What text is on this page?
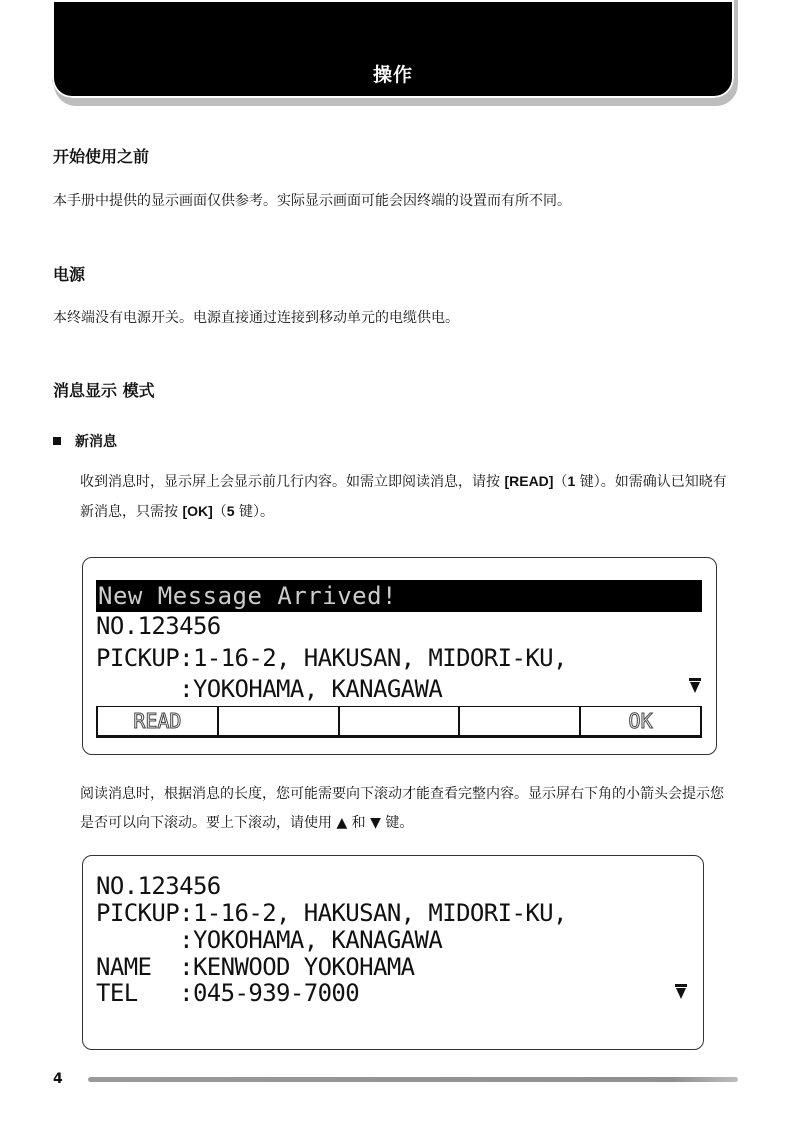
操作
开始使用之前

本手册中提供的显示画面仅供参考。实际显示画面可能会因终端的设置而有所不同。

电源

本终端没有电源开关。电源直接通过连接到移动单元的电缆供电。

消息显示 模式
新消息

收到消息时，显示屏上会显示前几行内容。如需立即阅读消息，请按 [READ]（1 键）。如需确认已知晓有新消息，只需按 [OK]（5 键）。

New Message Arrived!
NO.123456
PICKUP:1-16-2, HAKUSAN, MIDORI-KU,
:YOKOHAMA, KANAGAWA
READ	OK

阅读消息时，根据消息的长度，您可能需要向下滚动才能查看完整内容。显示屏右下角的小箭头会提示您是否可以向下滚动。要上下滚动，请使用 ▲ 和 ▼ 键。

NO.123456
PICKUP:1-16-2, HAKUSAN, MIDORI-KU,
:YOKOHAMA, KANAGAWA
NAME  :KENWOOD YOKOHAMA
TEL   :045-939-7000
4
